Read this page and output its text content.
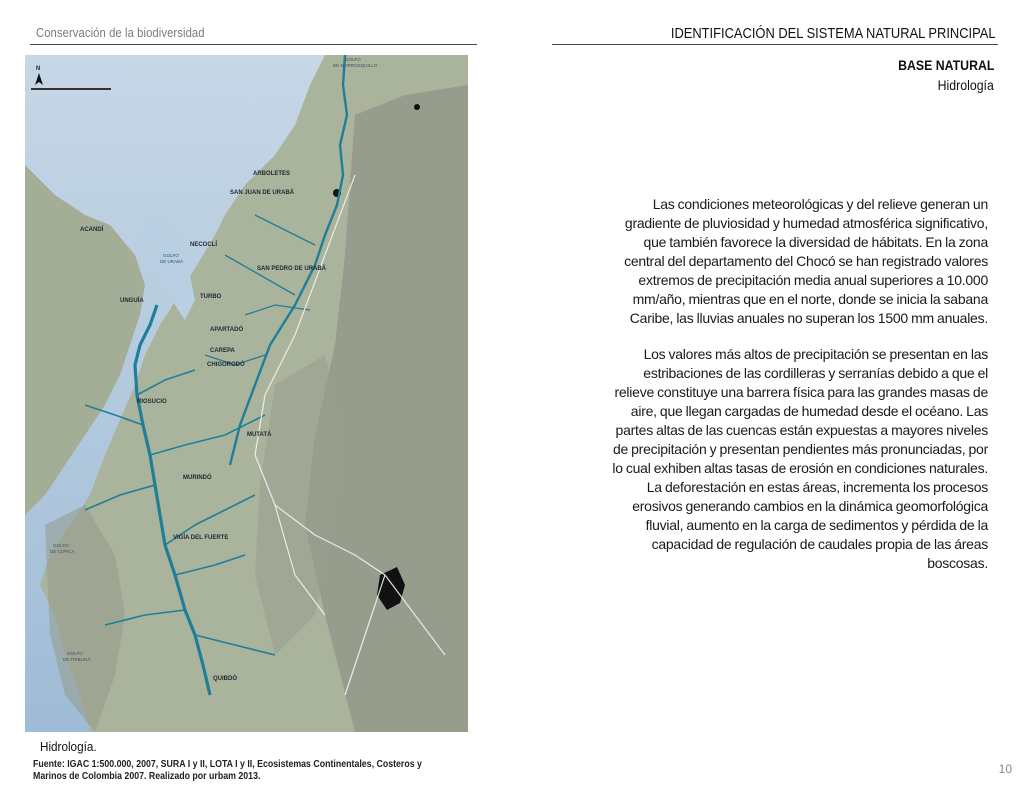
Conservación de la biodiversidad	IDENTIFICACIÓN DEL SISTEMA NATURAL PRINCIPAL
BASE NATURAL
Hidrología

Las condiciones meteorológicas y del relieve generan un gradiente de pluviosidad y humedad atmosférica significativo, que también favorece la diversidad de hábitats. En la zona central del departamento del Chocó se han registrado valores extremos de precipitación media anual superiores a 10.000 mm/año, mientras que en el norte, donde se inicia la sabana Caribe, las lluvias anuales no superan los 1500 mm anuales.

Los valores más altos de precipitación se presentan en las estribaciones de las cordilleras y serranías debido a que el relieve constituye una barrera física para las grandes masas de aire, que llegan cargadas de humedad desde el océano. Las partes altas de las cuencas están expuestas a mayores niveles de precipitación y presentan pendientes más pronunciadas, por lo cual exhiben altas tasas de erosión en condiciones naturales. La deforestación en estas áreas, incrementa los procesos erosivos generando cambios en la dinámica geomorfológica fluvial, aumento en la carga de sedimentos y pérdida de la capacidad de regulación de caudales propia de las áreas boscosas.

N
GOLFO
DE MORROSQUILLO
GOLFO
DE URABÁ
GOLFO
DE CUPICA
GOLFO
DE TRIBUGÁ
ARBOLETES
SAN JUAN DE URABÁ
ACANDÍ
NECOCLÍ
SAN PEDRO DE URABÁ
UNGUÍA
TURBO
APARTADÓ
CAREPA
CHIGORODÓ
RIOSUCIO
MUTATÁ
MURINDÓ
VIGÍA DEL FUERTE
QUIBDÓ
Hidrología.
Fuente: IGAC 1:500.000, 2007, SURA I y II, LOTA I y II, Ecosistemas Continentales, Costeros y Marinos de Colombia 2007. Realizado por urbam 2013.
10
